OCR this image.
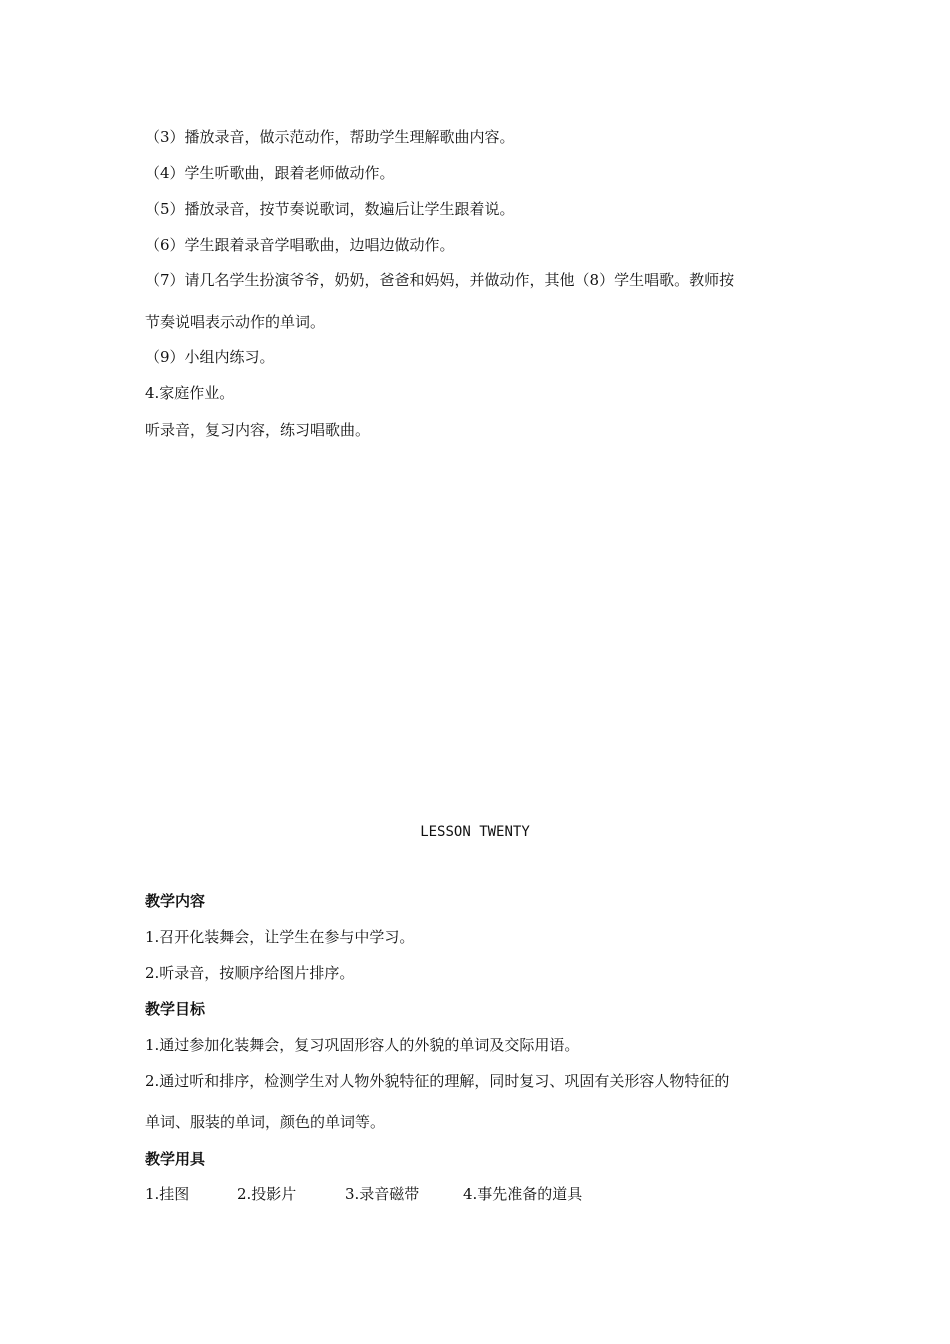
（3）播放录音，做示范动作，帮助学生理解歌曲内容。
（4）学生听歌曲，跟着老师做动作。
（5）播放录音，按节奏说歌词，数遍后让学生跟着说。
（6）学生跟着录音学唱歌曲，边唱边做动作。
（7）请几名学生扮演爷爷，奶奶，爸爸和妈妈，并做动作，其他（8）学生唱歌。教师按
节奏说唱表示动作的单词。
（9）小组内练习。
4.家庭作业。
听录音，复习内容，练习唱歌曲。
LESSON TWENTY
教学内容
1.召开化装舞会，让学生在参与中学习。
2.听录音，按顺序给图片排序。
教学目标
1.通过参加化装舞会，复习巩固形容人的外貌的单词及交际用语。
2.通过听和排序，检测学生对人物外貌特征的理解，同时复习、巩固有关形容人物特征的
单词、服装的单词，颜色的单词等。
教学用具
1.挂图	2.投影片	3.录音磁带	4.事先准备的道具
